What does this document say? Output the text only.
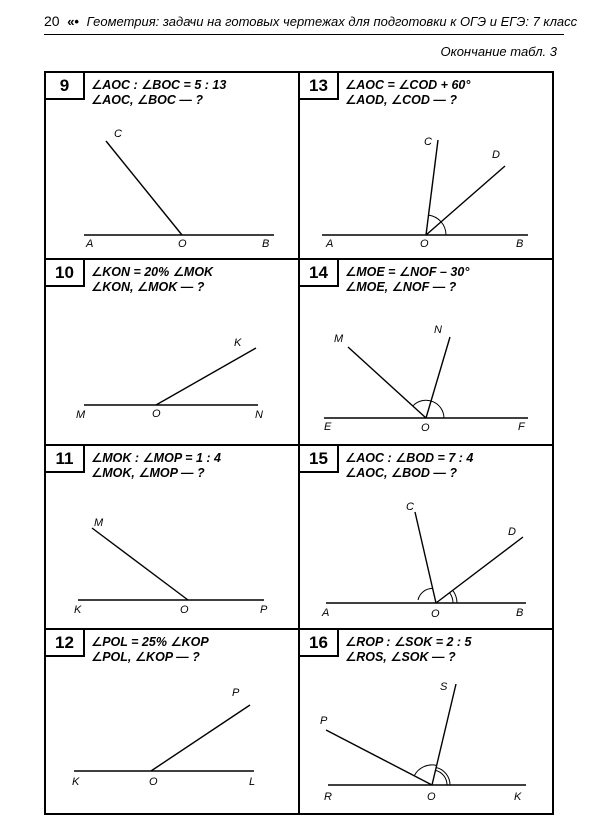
20 «• Геометрия: задачи на готовых чертежах для подготовки к ОГЭ и ЕГЭ: 7 класс
Окончание табл. 3
9	∠AOC : ∠BOC = 5 : 13
∠AOC, ∠BOC — ?
A	O	B
C
13	∠AOC = ∠COD + 60°
∠AOD, ∠COD — ?
A	O	B
C
D
10	∠KON = 20% ∠MOK
∠KON, ∠MOK — ?
M	O	N
K
14	∠MOE = ∠NOF – 30°
∠MOE, ∠NOF — ?
E	O	F
M
N
11	∠MOK : ∠MOP = 1 : 4
∠MOK, ∠MOP — ?
K	O	P
M
15	∠AOC : ∠BOD = 7 : 4
∠AOC, ∠BOD — ?
A	O	B
C
D
12	∠POL = 25% ∠KOP
∠POL, ∠KOP — ?
K	O	L
P
16	∠ROP : ∠SOK = 2 : 5
∠ROS, ∠SOK — ?
R	O	K
P
S
